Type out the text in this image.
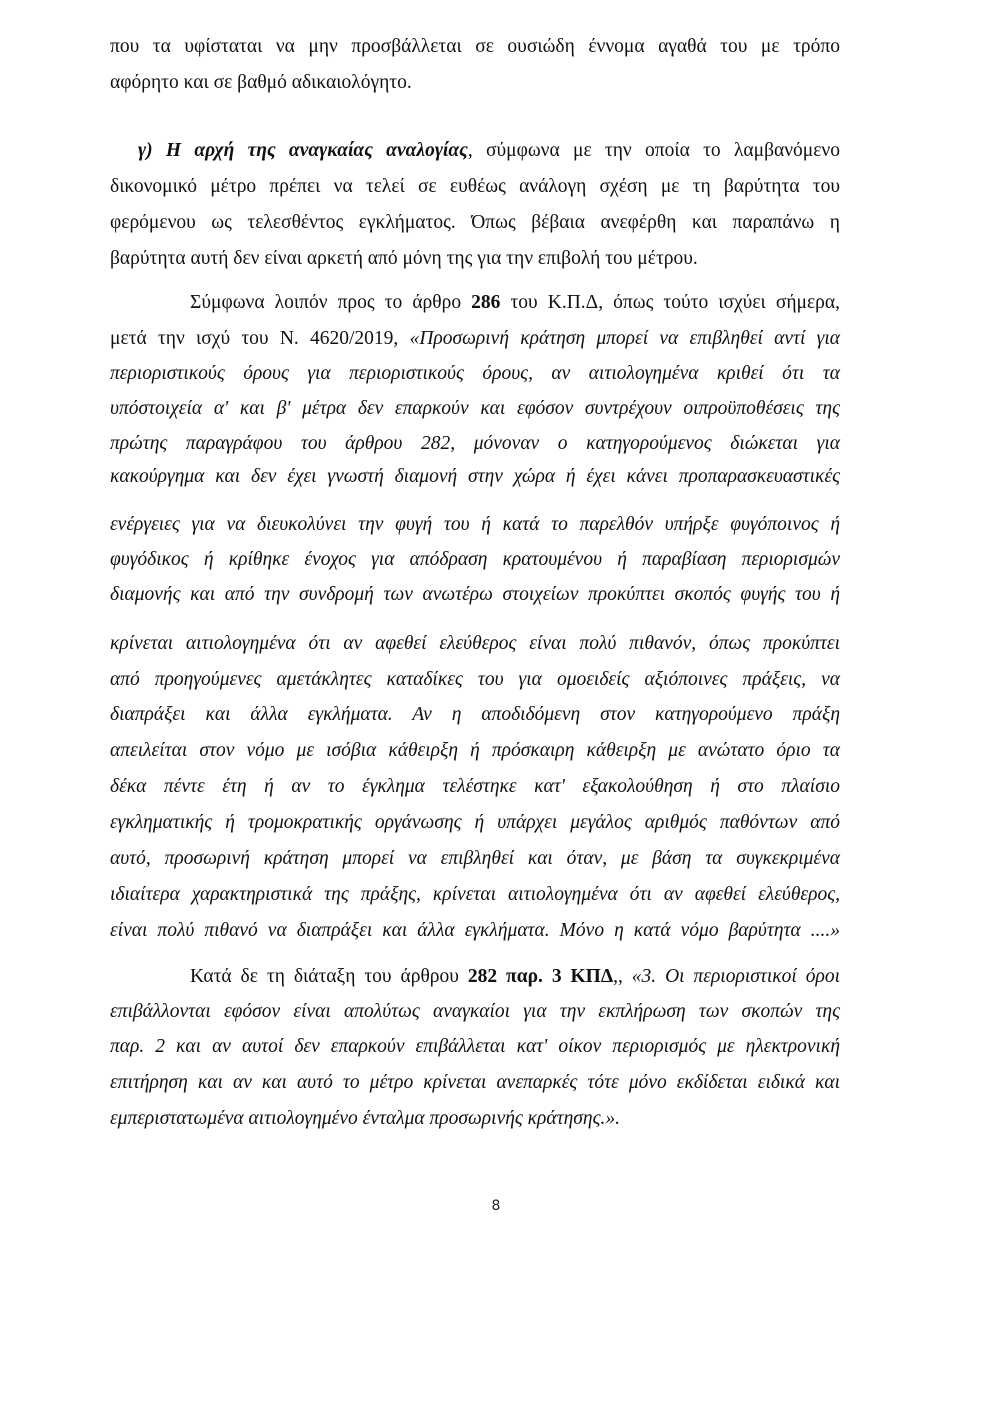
που τα υφίσταται να μην προσβάλλεται σε ουσιώδη έννομα αγαθά του με τρόπο
αφόρητο και σε βαθμό αδικαιολόγητο.
γ) Η αρχή της αναγκαίας αναλογίας, σύμφωνα με την οποία το λαμβανόμενο
δικονομικό μέτρο πρέπει να τελεί σε ευθέως ανάλογη σχέση με τη βαρύτητα του
φερόμενου ως τελεσθέντος εγκλήματος. Όπως βέβαια ανεφέρθη και παραπάνω η
βαρύτητα αυτή δεν είναι αρκετή από μόνη της για την επιβολή του μέτρου.
Σύμφωνα λοιπόν προς το άρθρο 286 του Κ.Π.Δ, όπως τούτο ισχύει σήμερα,
μετά την ισχύ του Ν. 4620/2019, «Προσωρινή κράτηση μπορεί να επιβληθεί αντί για
περιοριστικούς όρους για περιοριστικούς όρους, αν αιτιολογημένα κριθεί ότι τα
υπόστοιχεία α' και β' μέτρα δεν επαρκούν και εφόσον συντρέχουν οιπροϋποθέσεις της
πρώτης παραγράφου του άρθρου 282, μόνοναν ο κατηγορούμενος διώκεται για
κακούργημα και δεν έχει γνωστή διαμονή στην χώρα ή έχει κάνει προπαρασκευαστικές
ενέργειες για να διευκολύνει την φυγή του ή κατά το παρελθόν υπήρξε φυγόποινος ή
φυγόδικος ή κρίθηκε ένοχος για απόδραση κρατουμένου ή παραβίαση περιορισμών
διαμονής και από την συνδρομή των ανωτέρω στοιχείων προκύπτει σκοπός φυγής του ή
κρίνεται αιτιολογημένα ότι αν αφεθεί ελεύθερος είναι πολύ πιθανόν, όπως προκύπτει
από προηγούμενες αμετάκλητες καταδίκες του για ομοειδείς αξιόποινες πράξεις, να
διαπράξει και άλλα εγκλήματα. Αν η αποδιδόμενη στον κατηγορούμενο πράξη
απειλείται στον νόμο με ισόβια κάθειρξη ή πρόσκαιρη κάθειρξη με ανώτατο όριο τα
δέκα πέντε έτη ή αν το έγκλημα τελέστηκε κατ' εξακολούθηση ή στο πλαίσιο
εγκληματικής ή τρομοκρατικής οργάνωσης ή υπάρχει μεγάλος αριθμός παθόντων από
αυτό, προσωρινή κράτηση μπορεί να επιβληθεί και όταν, με βάση τα συγκεκριμένα
ιδιαίτερα χαρακτηριστικά της πράξης, κρίνεται αιτιολογημένα ότι αν αφεθεί ελεύθερος,
είναι πολύ πιθανό να διαπράξει και άλλα εγκλήματα. Μόνο η κατά νόμο βαρύτητα ....»
Κατά δε τη διάταξη του άρθρου 282 παρ. 3 ΚΠΔ,, «3. Οι περιοριστικοί όροι
επιβάλλονται εφόσον είναι απολύτως αναγκαίοι για την εκπλήρωση των σκοπών της
παρ. 2 και αν αυτοί δεν επαρκούν επιβάλλεται κατ' οίκον περιορισμός με ηλεκτρονική
επιτήρηση και αν και αυτό το μέτρο κρίνεται ανεπαρκές τότε μόνο εκδίδεται ειδικά και
εμπεριστατωμένα αιτιολογημένο ένταλμα προσωρινής κράτησης.».
8
